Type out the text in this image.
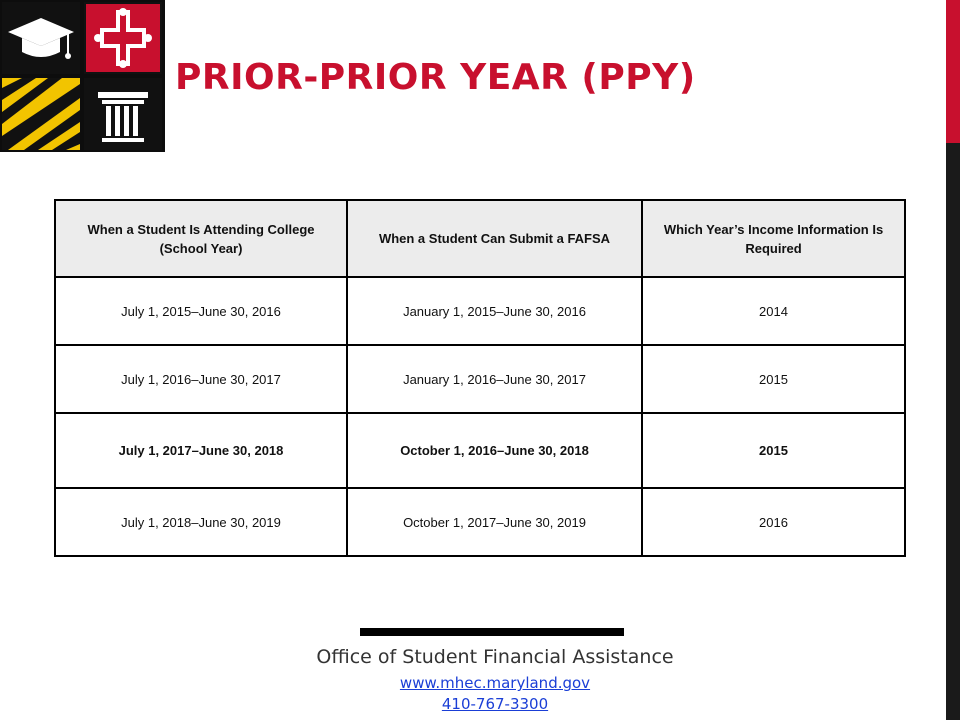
PRIOR-PRIOR YEAR (PPY)
When a Student Is Attending College (School Year)	When a Student Can Submit a FAFSA	Which Year’s Income Information Is Required
July 1, 2015–June 30, 2016	January 1, 2015–June 30, 2016	2014
July 1, 2016–June 30, 2017	January 1, 2016–June 30, 2017	2015
July 1, 2017–June 30, 2018	October 1, 2016–June 30, 2018	2015
July 1, 2018–June 30, 2019	October 1, 2017–June 30, 2019	2016
Office of Student Financial Assistance
www.mhec.maryland.gov
410-767-3300
